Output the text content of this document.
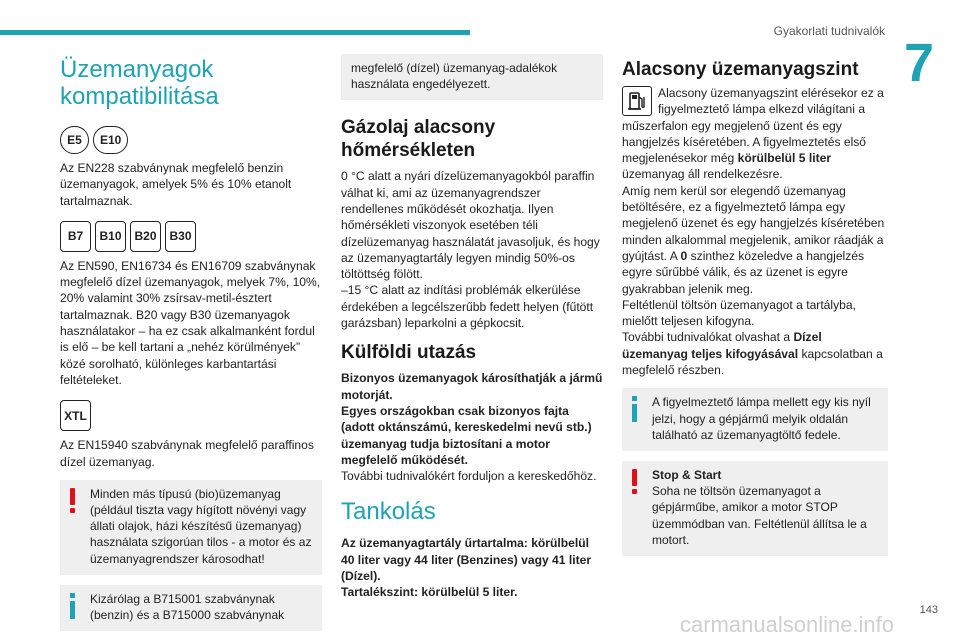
Gyakorlati tudnivalók
7
143
carmanualsonline.info
Üzemanyagok kompatibilitása
E5	E10

Az EN228 szabványnak megfelelő benzin üzemanyagok, amelyek 5% és 10% etanolt tartalmaznak.

B7	B10	B20	B30

Az EN590, EN16734 és EN16709 szabványnak megfelelő dízel üzemanyagok, melyek 7%, 10%, 20% valamint 30% zsírsav-metil-észtert tartalmaznak. B20 vagy B30 üzemanyagok használatakor – ha ez csak alkalmanként fordul is elő – be kell tartani a „nehéz körülmények” közé sorolható, különleges karbantartási feltételeket.

XTL

Az EN15940 szabványnak megfelelő paraffinos dízel üzemanyag.

Minden más típusú (bio)üzemanyag (például tiszta vagy hígított növényi vagy állati olajok, házi készítésű üzemanyag) használata szigorúan tilos - a motor és az üzemanyagrendszer károsodhat!

Kizárólag a B715001 szabványnak (benzin) és a B715000 szabványnak

megfelelő (dízel) üzemanyag-adalékok használata engedélyezett.

Gázolaj alacsony hőmérsékleten

0 °C alatt a nyári dízelüzemanyagokból paraffin válhat ki, ami az üzemanyagrendszer rendellenes működését okozhatja. Ilyen hőmérsékleti viszonyok esetében téli dízelüzemanyag használatát javasoljuk, és hogy az üzemanyagtartály legyen mindig 50%-os töltöttség fölött.
–15 °C alatt az indítási problémák elkerülése érdekében a legcélszerűbb fedett helyen (fűtött garázsban) leparkolni a gépkocsit.

Külföldi utazás

Bizonyos üzemanyagok károsíthatják a jármű motorját.
Egyes országokban csak bizonyos fajta (adott oktánszámú, kereskedelmi nevű stb.) üzemanyag tudja biztosítani a motor megfelelő működését.

További tudnivalókért forduljon a kereskedőhöz.

Tankolás

Az üzemanyagtartály űrtartalma: körülbelül 40 liter vagy 44 liter (Benzines) vagy 41 liter (Dízel).
Tartalékszint: körülbelül 5 liter.

Alacsony üzemanyagszint

Alacsony üzemanyagszint elérésekor ez a figyelmeztető lámpa elkezd világítani a műszerfalon egy megjelenő üzent és egy hangjelzés kíséretében. A figyelmeztetés első megjelenésekor még körülbelül 5 liter üzemanyag áll rendelkezésre.
Amíg nem kerül sor elegendő üzemanyag betöltésére, ez a figyelmeztető lámpa egy megjelenő üzenet és egy hangjelzés kíséretében minden alkalommal megjelenik, amikor ráadják a gyújtást. A 0 szinthez közeledve a hangjelzés egyre sűrűbbé válik, és az üzenet is egyre gyakrabban jelenik meg.
Feltétlenül töltsön üzemanyagot a tartályba, mielőtt teljesen kifogyna.
További tudnivalókat olvashat a Dízel üzemanyag teljes kifogyásával kapcsolatban a megfelelő részben.

A figyelmeztető lámpa mellett egy kis nyíl jelzi, hogy a gépjármű melyik oldalán található az üzemanyagtöltő fedele.

Stop & Start

Soha ne töltsön üzemanyagot a gépjárműbe, amikor a motor STOP üzemmódban van. Feltétlenül állítsa le a motort.
